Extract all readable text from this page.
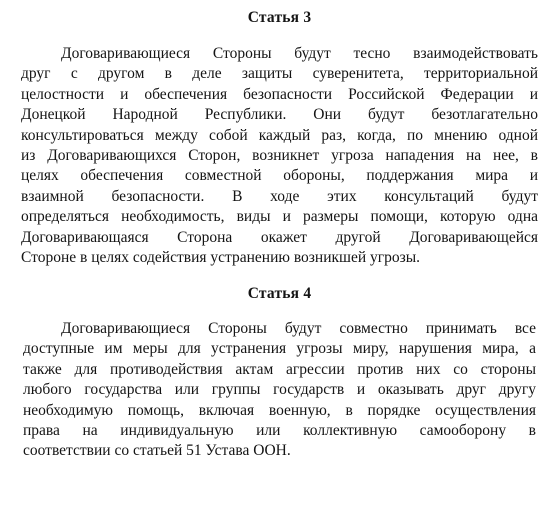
Статья 3

Договаривающиеся Стороны будут тесно взаимодействовать
друг с другом в деле защиты суверенитета, территориальной
целостности и обеспечения безопасности Российской Федерации и
Донецкой Народной Республики. Они будут безотлагательно
консультироваться между собой каждый раз, когда, по мнению одной
из Договаривающихся Сторон, возникнет угроза нападения на нее, в
целях обеспечения совместной обороны, поддержания мира и
взаимной безопасности. В ходе этих консультаций будут
определяться необходимость, виды и размеры помощи, которую одна
Договаривающаяся Сторона окажет другой Договаривающейся
Стороне в целях содействия устранению возникшей угрозы.

Статья 4

Договаривающиеся Стороны будут совместно принимать все
доступные им меры для устранения угрозы миру, нарушения мира, а
также для противодействия актам агрессии против них со стороны
любого государства или группы государств и оказывать друг другу
необходимую помощь, включая военную, в порядке осуществления
права на индивидуальную или коллективную самооборону в
соответствии со статьей 51 Устава ООН.
